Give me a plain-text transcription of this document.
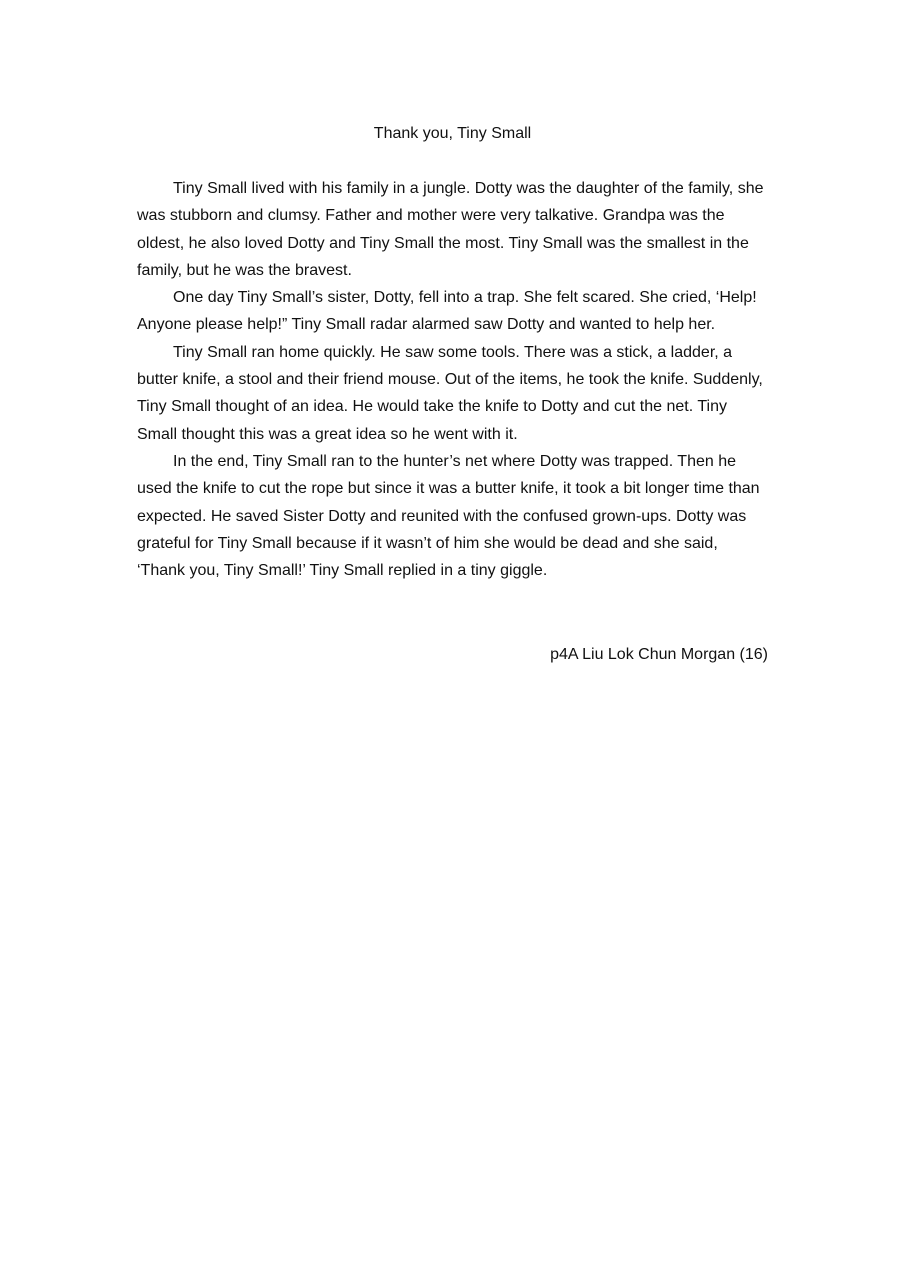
Thank you, Tiny Small

Tiny Small lived with his family in a jungle. Dotty was the daughter of the family, she was stubborn and clumsy. Father and mother were very talkative. Grandpa was the oldest, he also loved Dotty and Tiny Small the most. Tiny Small was the smallest in the family, but he was the bravest.

One day Tiny Small’s sister, Dotty, fell into a trap. She felt scared. She cried, ‘Help! Anyone please help!” Tiny Small radar alarmed saw Dotty and wanted to help her.

Tiny Small ran home quickly. He saw some tools. There was a stick, a ladder, a butter knife, a stool and their friend mouse. Out of the items, he took the knife. Suddenly, Tiny Small thought of an idea. He would take the knife to Dotty and cut the net. Tiny Small thought this was a great idea so he went with it.

In the end, Tiny Small ran to the hunter’s net where Dotty was trapped. Then he used the knife to cut the rope but since it was a butter knife, it took a bit longer time than expected. He saved Sister Dotty and reunited with the confused grown-ups. Dotty was grateful for Tiny Small because if it wasn’t of him she would be dead and she said, ‘Thank you, Tiny Small!’ Tiny Small replied in a tiny giggle.

p4A Liu Lok Chun Morgan (16)
